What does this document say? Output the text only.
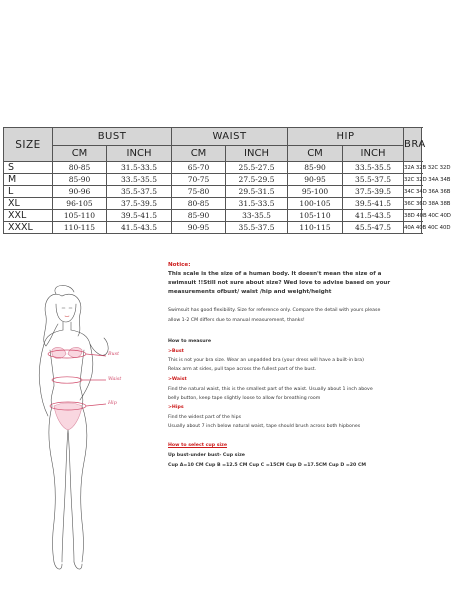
SIZE	BUST		WAIST		HIP		BRA
	CM	INCH	CM	INCH	CM	INCH	
S	80-85	31.5-33.5	65-70	25.5-27.5	85-90	33.5-35.5	32A 32B 32C 32D
M	85-90	33.5-35.5	70-75	27.5-29.5	90-95	35.5-37.5	32C 32D 34A 34B
L	90-96	35.5-37.5	75-80	29.5-31.5	95-100	37.5-39.5	34C 34D 36A 36B
XL	96-105	37.5-39.5	80-85	31.5-33.5	100-105	39.5-41.5	36C 36D 38A 38B
XXL	105-110	39.5-41.5	85-90	33-35.5	105-110	41.5-43.5	38D 40B 40C 40D
XXXL	110-115	41.5-43.5	90-95	35.5-37.5	110-115	45.5-47.5	40A 40B 40C 40D
Bust
Waist
Hip

Notice:

This scale is the size of a human body. It doesn't mean the size of a

swimsuit !!Still not sure about size? Wed love to advise based on your

measurements ofbust/ waist /hip and weight/height

Swimsuit has good flexibility. Size for reference only. Compare the detail with yours please

allow 1-2 CM differs due to manual measurement, thanks!

How to measure

>Bust

This is not your bra size. Wear an unpadded bra (your dress will have a built-in bra)

Relax arm at sides, pull tape across the fullest part of the bust.

>Waist

Find the natural waist, this is the smallest part of the waist. Usually about 1 inch above

belly button, keep tape slightly loose to allow for breathing room

>Hips

Find the widest part of the hips

Usually about 7 inch below natural waist, tape should brush across both hipbones

How to select cup size

Up bust-under bust- Cup size

Cup A=10 CM Cup B =12.5 CM Cup C =15CM Cup D =17.5CM Cup D =20 CM
